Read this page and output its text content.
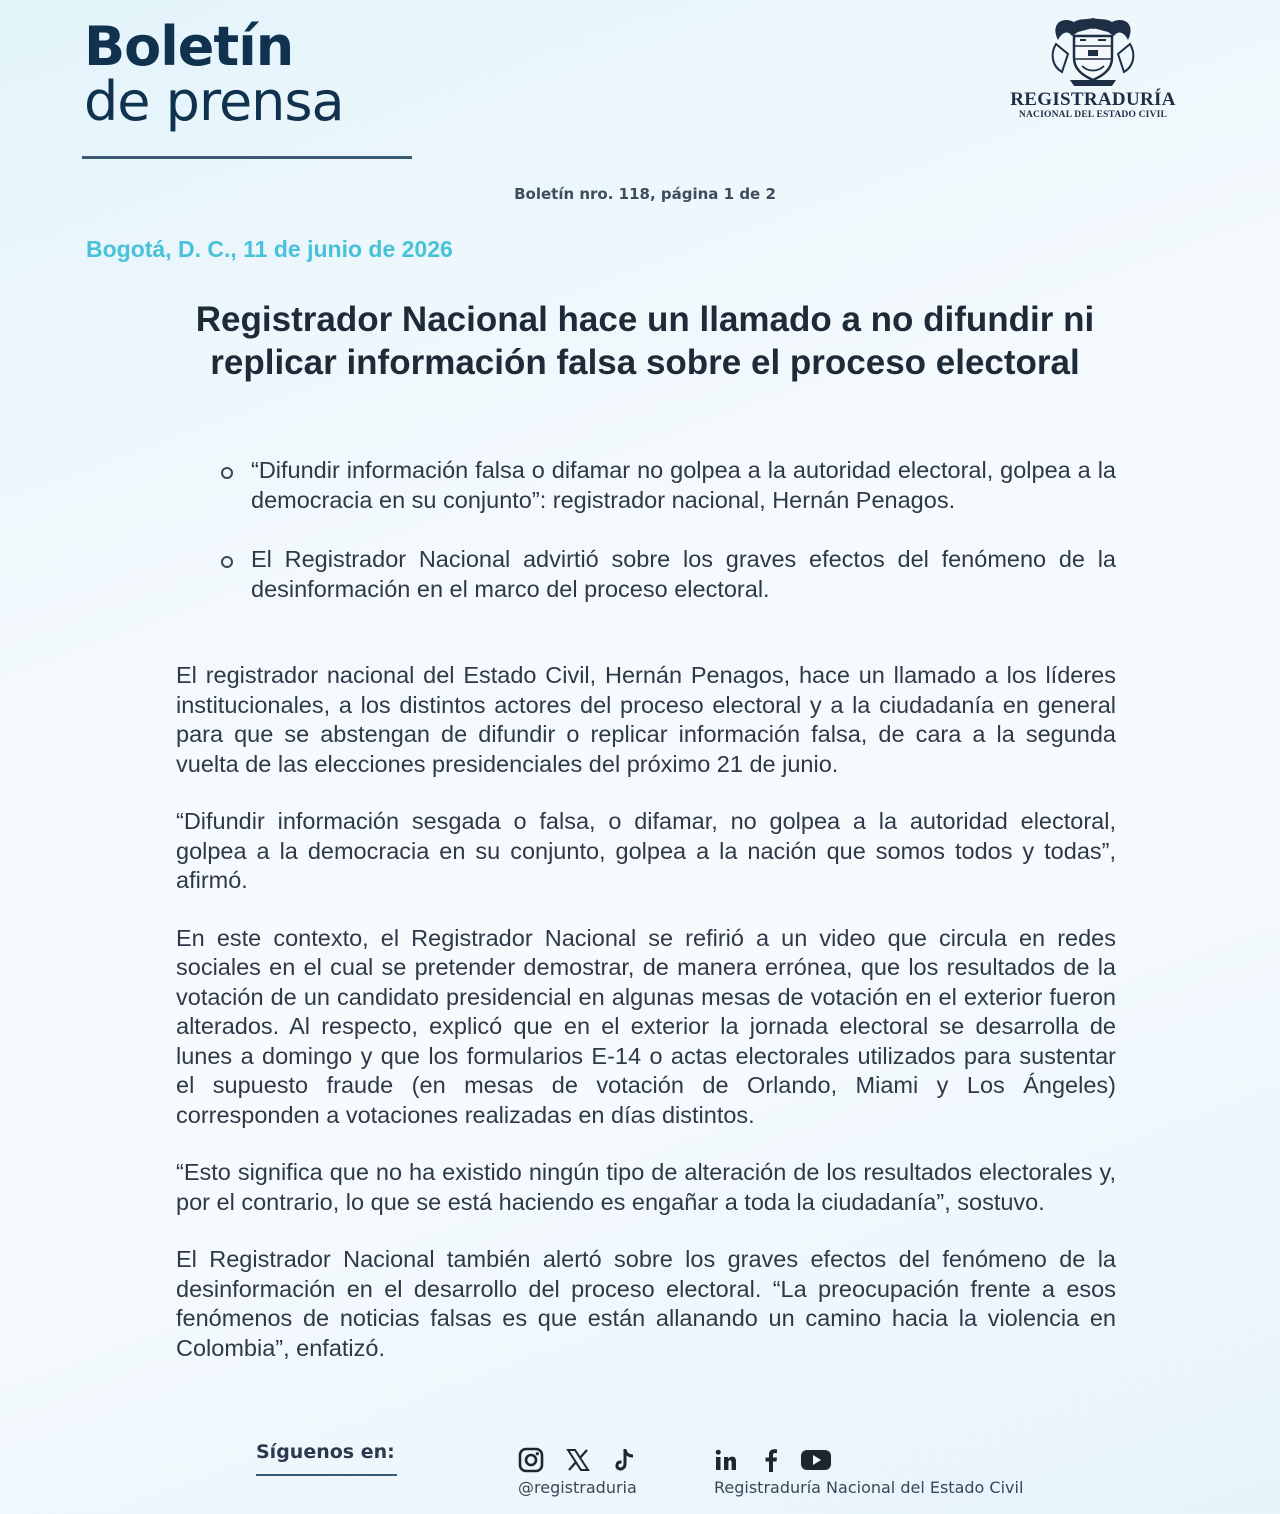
Boletín
de prensa	REGISTRADURÍA
NACIONAL DEL ESTADO CIVIL
Boletín nro. 118, página 1 de 2
Bogotá, D. C., 11 de junio de 2026
Registrador Nacional hace un llamado a no difundir ni replicar información falsa sobre el proceso electoral
“Difundir información falsa o difamar no golpea a la autoridad electoral, golpea a la democracia en su conjunto”: registrador nacional, Hernán Penagos.
El Registrador Nacional advirtió sobre los graves efectos del fenómeno de la desinformación en el marco del proceso electoral.

El registrador nacional del Estado Civil, Hernán Penagos, hace un llamado a los líderes institucionales, a los distintos actores del proceso electoral y a la ciudadanía en general para que se abstengan de difundir o replicar información falsa, de cara a la segunda vuelta de las elecciones presidenciales del próximo 21 de junio.

“Difundir información sesgada o falsa, o difamar, no golpea a la autoridad electoral, golpea a la democracia en su conjunto, golpea a la nación que somos todos y todas”, afirmó.

En este contexto, el Registrador Nacional se refirió a un video que circula en redes sociales en el cual se pretender demostrar, de manera errónea, que los resultados de la votación de un candidato presidencial en algunas mesas de votación en el exterior fueron alterados. Al respecto, explicó que en el exterior la jornada electoral se desarrolla de lunes a domingo y que los formularios E-14 o actas electorales utilizados para sustentar el supuesto fraude (en mesas de votación de Orlando, Miami y Los Ángeles) corresponden a votaciones realizadas en días distintos.

“Esto significa que no ha existido ningún tipo de alteración de los resultados electorales y, por el contrario, lo que se está haciendo es engañar a toda la ciudadanía”, sostuvo.

El Registrador Nacional también alertó sobre los graves efectos del fenómeno de la desinformación en el desarrollo del proceso electoral. “La preocupación frente a esos fenómenos de noticias falsas es que están allanando un camino hacia la violencia en Colombia”, enfatizó.

Síguenos en:
@registraduria	Registraduría Nacional del Estado Civil
